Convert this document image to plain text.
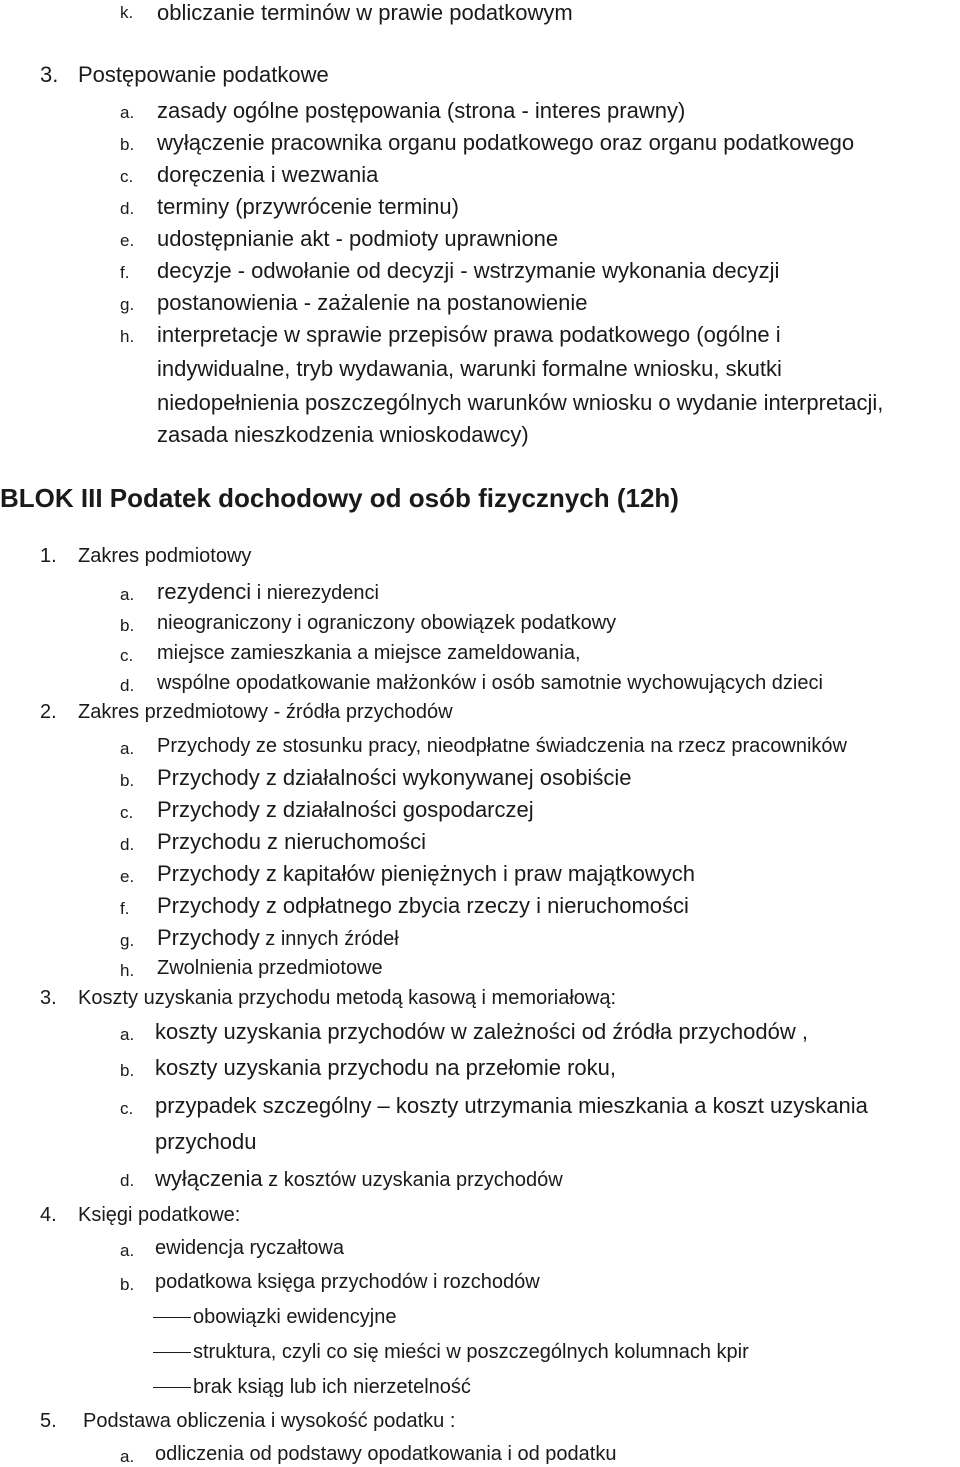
k. obliczanie terminów w prawie podatkowym
3. Postępowanie podatkowe
a. zasady ogólne postępowania (strona - interes prawny)
b. wyłączenie pracownika organu podatkowego oraz organu podatkowego
c. doręczenia i wezwania
d. terminy (przywrócenie terminu)
e. udostępnianie akt - podmioty uprawnione
f. decyzje - odwołanie od decyzji - wstrzymanie wykonania decyzji
g. postanowienia - zażalenie na postanowienie
h. interpretacje w sprawie przepisów prawa podatkowego (ogólne i
indywidualne, tryb wydawania, warunki formalne wniosku, skutki
niedopełnienia poszczególnych warunków wniosku o wydanie interpretacji,
zasada nieszkodzenia wnioskodawcy)
BLOK III Podatek dochodowy od osób fizycznych (12h)
1. Zakres podmiotowy
a. rezydenci i nierezydenci
b. nieograniczony i ograniczony obowiązek podatkowy
c. miejsce zamieszkania a miejsce zameldowania,
d. wspólne opodatkowanie małżonków i osób samotnie wychowujących dzieci
2. Zakres przedmiotowy - źródła przychodów
a. Przychody ze stosunku pracy, nieodpłatne świadczenia na rzecz pracowników
b. Przychody z działalności wykonywanej osobiście
c. Przychody z działalności gospodarczej
d. Przychodu z nieruchomości
e. Przychody z kapitałów pieniężnych i praw majątkowych
f. Przychody z odpłatnego zbycia rzeczy i nieruchomości
g. Przychody z innych źródeł
h. Zwolnienia przedmiotowe
3. Koszty uzyskania przychodu metodą kasową i memoriałową:
a. koszty uzyskania przychodów w zależności od źródła przychodów ,
b. koszty uzyskania przychodu na przełomie roku,
c. przypadek szczególny – koszty utrzymania mieszkania a koszt uzyskania
przychodu
d. wyłączenia z kosztów uzyskania przychodów
4. Księgi podatkowe:
a. ewidencja ryczałtowa
b. podatkowa księga przychodów i rozchodów
obowiązki ewidencyjne
struktura, czyli co się mieści w poszczególnych kolumnach kpir
brak ksiąg lub ich nierzetelność
5. Podstawa obliczenia i wysokość podatku :
a. odliczenia od podstawy opodatkowania i od podatku
